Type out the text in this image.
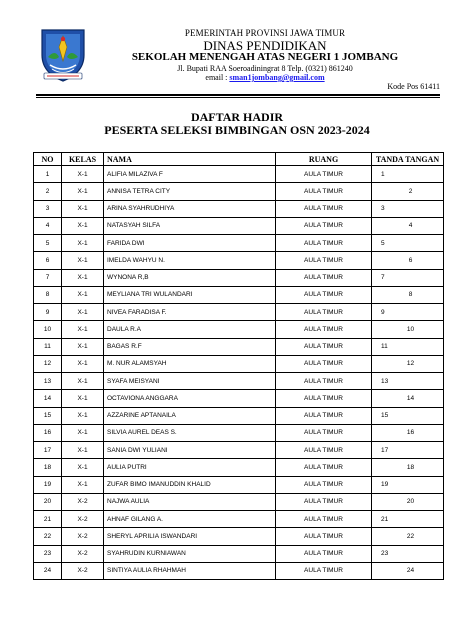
PEMERINTAH PROVINSI JAWA TIMUR
DINAS PENDIDIKAN
SEKOLAH MENENGAH ATAS NEGERI 1 JOMBANG
Jl. Bupati RAA Soeroadiningrat 8 Telp. (0321) 861240
email : sman1jombang@gmail.com
Kode Pos 61411
DAFTAR HADIR
PESERTA SELEKSI BIMBINGAN OSN 2023-2024
NO	KELAS	NAMA	RUANG	TANDA TANGAN
1	X-1	ALIFIA MILAZIVA F	AULA TIMUR	1

2	X-1	ANNISA TETRA CITY	AULA TIMUR	2

3	X-1	ARINA SYAHRUDHIYA	AULA TIMUR	3

4	X-1	NATASYAH SILFA	AULA TIMUR	4

5	X-1	FARIDA DWI	AULA TIMUR	5

6	X-1	IMELDA WAHYU N.	AULA TIMUR	6

7	X-1	WYNONA R,B	AULA TIMUR	7

8	X-1	MEYLIANA TRI WULANDARI	AULA TIMUR	8

9	X-1	NIVEA FARADISA F.	AULA TIMUR	9

10	X-1	DAULA R.A	AULA TIMUR	10

11	X-1	BAGAS R.F	AULA TIMUR	11

12	X-1	M. NUR ALAMSYAH	AULA TIMUR	12

13	X-1	SYAFA MEISYANI	AULA TIMUR	13

14	X-1	OCTAVIONA ANGGARA	AULA TIMUR	14

15	X-1	AZZARINE APTANAILA	AULA TIMUR	15

16	X-1	SILVIA AUREL DEAS S.	AULA TIMUR	16

17	X-1	SANIA DWI YULIANI	AULA TIMUR	17

18	X-1	AULIA PUTRI	AULA TIMUR	18

19	X-1	ZUFAR BIMO IMANUDDIN KHALID	AULA TIMUR	19

20	X-2	NAJWA AULIA	AULA TIMUR	20

21	X-2	AHNAF GILANG A.	AULA TIMUR	21

22	X-2	SHERYL APRILIA ISWANDARI	AULA TIMUR	22

23	X-2	SYAHRUDIN KURNIAWAN	AULA TIMUR	23

24	X-2	SINTIYA AULIA RHAHMAH	AULA TIMUR	24
